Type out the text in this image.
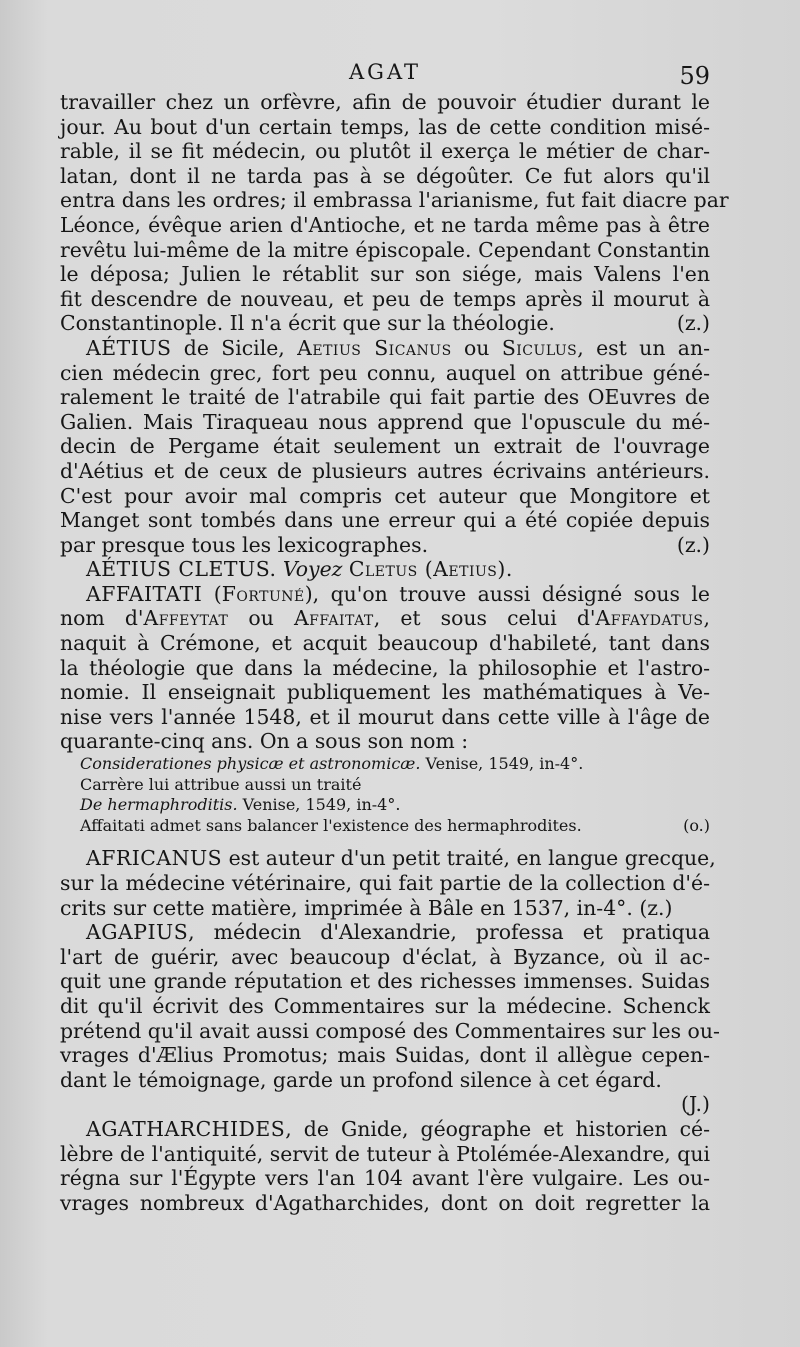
AGAT	59
travailler chez un orfèvre, afin de pouvoir étudier durant le
jour. Au bout d'un certain temps, las de cette condition misé-
rable, il se fit médecin, ou plutôt il exerça le métier de char-
latan, dont il ne tarda pas à se dégoûter. Ce fut alors qu'il
entra dans les ordres; il embrassa l'arianisme, fut fait diacre par
Léonce, évêque arien d'Antioche, et ne tarda même pas à être
revêtu lui-même de la mitre épiscopale. Cependant Constantin
le déposa; Julien le rétablit sur son siége, mais Valens l'en
fit descendre de nouveau, et peu de temps après il mourut à
Constantinople. Il n'a écrit que sur la théologie.	(z.)
AÉTIUS de Sicile, Aetius Sicanus ou Siculus, est un an-
cien médecin grec, fort peu connu, auquel on attribue géné-
ralement le traité de l'atrabile qui fait partie des OEuvres de
Galien. Mais Tiraqueau nous apprend que l'opuscule du mé-
decin de Pergame était seulement un extrait de l'ouvrage
d'Aétius et de ceux de plusieurs autres écrivains antérieurs.
C'est pour avoir mal compris cet auteur que Mongitore et
Manget sont tombés dans une erreur qui a été copiée depuis
par presque tous les lexicographes.	(z.)
AÉTIUS CLETUS. Voyez Cletus (Aetius).
AFFAITATI (Fortuné), qu'on trouve aussi désigné sous le
nom d'Affeytat ou Affaitat, et sous celui d'Affaydatus,
naquit à Crémone, et acquit beaucoup d'habileté, tant dans
la théologie que dans la médecine, la philosophie et l'astro-
nomie. Il enseignait publiquement les mathématiques à Ve-
nise vers l'année 1548, et il mourut dans cette ville à l'âge de
quarante-cinq ans. On a sous son nom :
Considerationes physicæ et astronomicæ. Venise, 1549, in-4°.
Carrère lui attribue aussi un traité
De hermaphroditis. Venise, 1549, in-4°.
Affaitati admet sans balancer l'existence des hermaphrodites.	(o.)
AFRICANUS est auteur d'un petit traité, en langue grecque,
sur la médecine vétérinaire, qui fait partie de la collection d'é-
crits sur cette matière, imprimée à Bâle en 1537, in-4°. (z.)
AGAPIUS, médecin d'Alexandrie, professa et pratiqua
l'art de guérir, avec beaucoup d'éclat, à Byzance, où il ac-
quit une grande réputation et des richesses immenses. Suidas
dit qu'il écrivit des Commentaires sur la médecine. Schenck
prétend qu'il avait aussi composé des Commentaires sur les ou-
vrages d'Ælius Promotus; mais Suidas, dont il allègue cepen-
dant le témoignage, garde un profond silence à cet égard.
(J.)
AGATHARCHIDES, de Gnide, géographe et historien cé-
lèbre de l'antiquité, servit de tuteur à Ptolémée-Alexandre, qui
régna sur l'Égypte vers l'an 104 avant l'ère vulgaire. Les ou-
vrages nombreux d'Agatharchides, dont on doit regretter la
